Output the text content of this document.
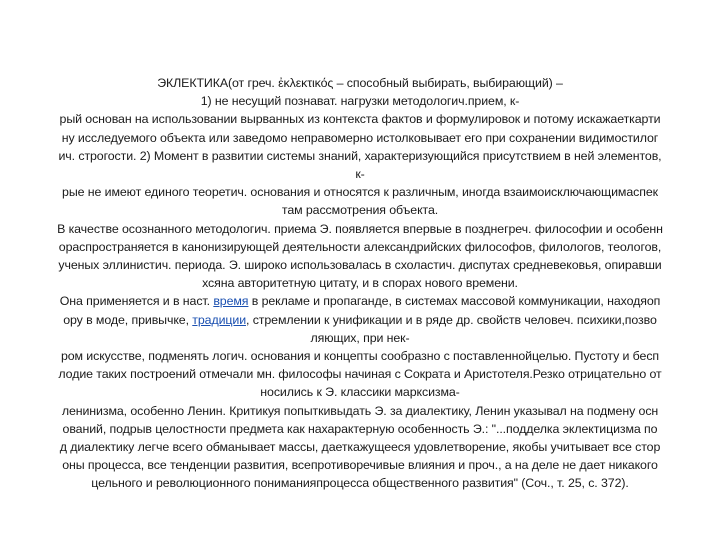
ЭКЛЕКТИКА(от греч. ἐκλεκτικός – способный выбирать, выбирающий) –
1) не несущий познават. нагрузки методологич.прием, к-
рый основан на использовании вырванных из контекста фактов и формулировок и потому искажаеткарти
ну исследуемого объекта или заведомо неправомерно истолковывает его при сохранении видимостилог
ич. строгости. 2) Момент в развитии системы знаний, характеризующийся присутствием в ней элементов,
к-
рые не имеют единого теоретич. основания и относятся к различным, иногда взаимоисключающимаспек
там рассмотрения объекта.
В качестве осознанного методологич. приема Э. появляется впервые в позднегреч. философии и особенн
ораспространяется в канонизирующей деятельности александрийских философов, филологов, теологов,
ученых эллинистич. периода. Э. широко использовалась в схоластич. диспутах средневековья, опиравши
хсяна авторитетную цитату, и в спорах нового времени.
Она применяется и в наст. время в рекламе и пропаганде, в системах массовой коммуникации, находяоп
ору в моде, привычке, традиции, стремлении к унификации и в ряде др. свойств человеч. психики,позво
ляющих, при нек-
ром искусстве, подменять логич. основания и концепты сообразно с поставленнойцелью. Пустоту и бесп
лодие таких построений отмечали мн. философы начиная с Сократа и Аристотеля.Резко отрицательно от
носились к Э. классики марксизма-
ленинизма, особенно Ленин. Критикуя попыткивыдать Э. за диалектику, Ленин указывал на подмену осн
ований, подрыв целостности предмета как нахарактерную особенность Э.: "...подделка эклектицизма по
д диалектику легче всего обманывает массы, даеткажущееся удовлетворение, якобы учитывает все стор
оны процесса, все тенденции развития, всепротиворечивые влияния и проч., а на деле не дает никакого
цельного и революционного пониманияпроцесса общественного развития" (Соч., т. 25, с. 372).
